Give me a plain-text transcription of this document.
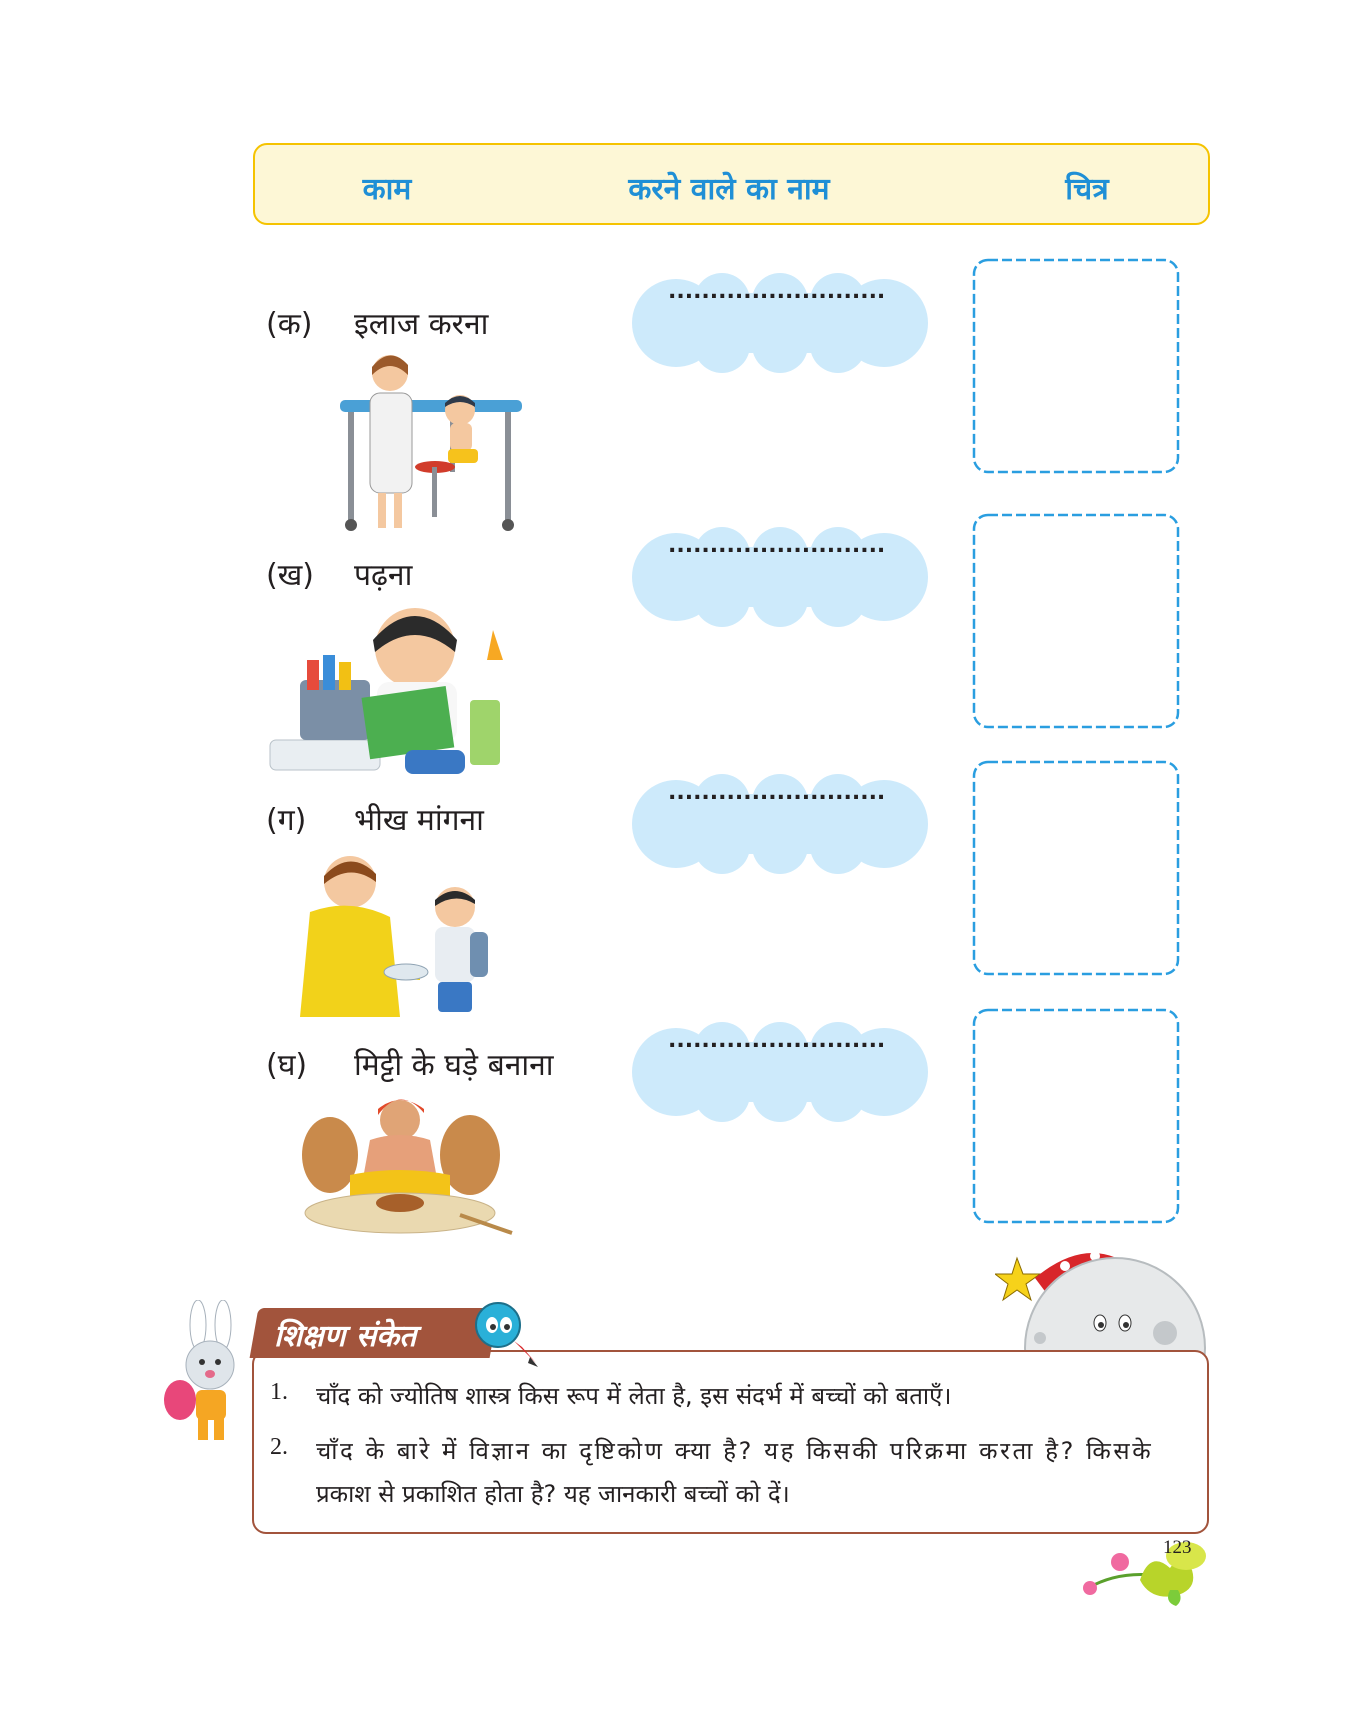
काम	करने वाले का नाम	चित्र
(क) इलाज करना
..........................
(ख) पढ़ना
..........................
(ग) भीख मांगना
..........................
(घ) मिट्टी के घड़े बनाना
..........................
शिक्षण संकेत
1. चाँद को ज्योतिष शास्त्र किस रूप में लेता है, इस संदर्भ में बच्चों को बताएँ।
2. चाँद के बारे में विज्ञान का दृष्टिकोण क्या है? यह किसकी परिक्रमा करता है? किसके
प्रकाश से प्रकाशित होता है? यह जानकारी बच्चों को दें।
123
